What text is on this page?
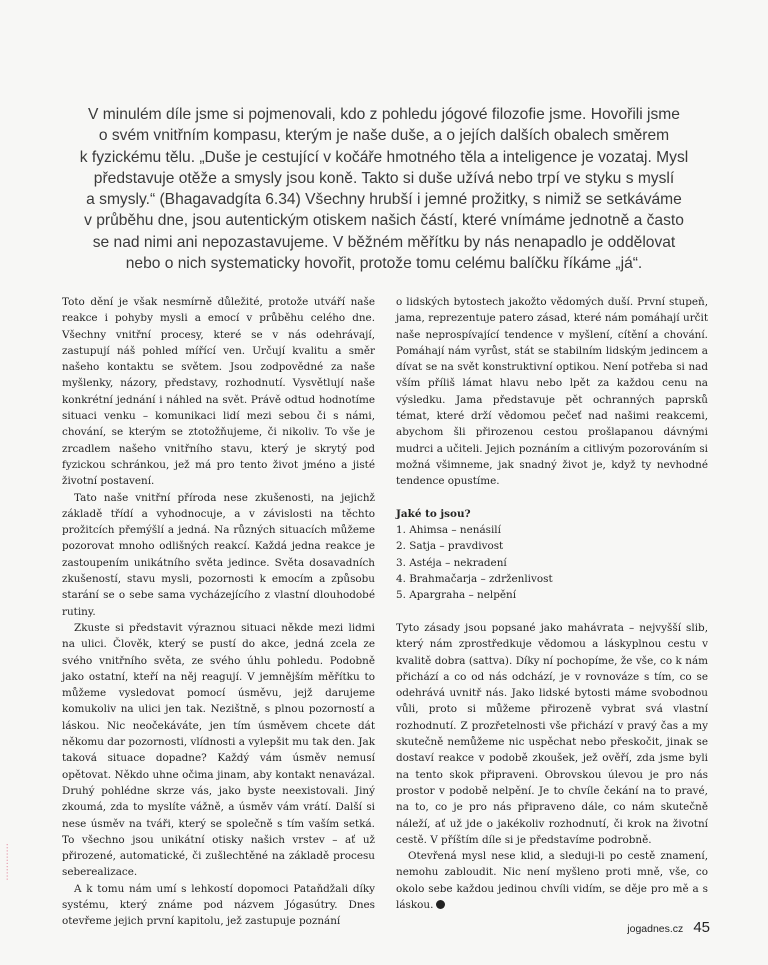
V minulém díle jsme si pojmenovali, kdo z pohledu jógové filozofie jsme. Hovořili jsme

o svém vnitřním kompasu, kterým je naše duše, a o jejích dalších obalech směrem

k fyzickému tělu. „Duše je cestující v kočáře hmotného těla a inteligence je vozataj. Mysl

představuje otěže a smysly jsou koně. Takto si duše užívá nebo trpí ve styku s myslí

a smysly.“ (Bhagavadgíta 6.34) Všechny hrubší i jemné prožitky, s nimiž se setkáváme

v průběhu dne, jsou autentickým otiskem našich částí, které vnímáme jednotně a často

se nad nimi ani nepozastavujeme. V běžném měřítku by nás nenapadlo je oddělovat

nebo o nich systematicky hovořit, protože tomu celému balíčku říkáme „já“.

Toto dění je však nesmírně důležité, protože utváří naše reakce i pohyby mysli a emocí v průběhu celého dne. Všechny vnitřní procesy, které se v nás odehrávají, zastupují náš pohled mířící ven. Určují kvalitu a směr našeho kontaktu se světem. Jsou zodpovědné za naše myšlenky, názory, představy, rozhodnutí. Vysvětlují naše konkrétní jednání i náhled na svět. Právě odtud hodnotíme situaci venku – komunikaci lidí mezi sebou či s námi, chování, se kterým se ztotožňujeme, či nikoliv. To vše je zrcadlem našeho vnitřního stavu, který je skrytý pod fyzickou schránkou, jež má pro tento život jméno a jisté životní postavení.

Tato naše vnitřní příroda nese zkušenosti, na jejichž základě třídí a vyhodnocuje, a v závislosti na těchto prožitcích přemýšlí a jedná. Na různých situacích můžeme pozorovat mnoho odlišných reakcí. Každá jedna reakce je zastoupením unikátního světa jedince. Světa dosavadních zkušeností, stavu mysli, pozornosti k emocím a způsobu starání se o sebe sama vycházejícího z vlastní dlouhodobé rutiny.

Zkuste si představit výraznou situaci někde mezi lidmi na ulici. Člověk, který se pustí do akce, jedná zcela ze svého vnitřního světa, ze svého úhlu pohledu. Podobně jako ostatní, kteří na něj reagují. V jemnějším měřítku to můžeme vysledovat pomocí úsměvu, jejž darujeme komukoliv na ulici jen tak. Nezištně, s plnou pozorností a láskou. Nic neočekáváte, jen tím úsměvem chcete dát někomu dar pozornosti, vlídnosti a vylepšit mu tak den. Jak taková situace dopadne? Každý vám úsměv nemusí opětovat. Někdo uhne očima jinam, aby kontakt nenavázal. Druhý pohlédne skrze vás, jako byste neexistovali. Jiný zkoumá, zda to myslíte vážně, a úsměv vám vrátí. Další si nese úsměv na tváři, který se společně s tím vaším setká. To všechno jsou unikátní otisky našich vrstev – ať už přirozené, automatické, či zušlechtěné na základě procesu seberealizace.

A k tomu nám umí s lehkostí dopomoci Pataňdžali díky systému, který známe pod názvem Jógasútry. Dnes otevřeme jejich první kapitolu, jež zastupuje poznání

o lidských bytostech jakožto vědomých duší. První stupeň, jama, reprezentuje patero zásad, které nám pomáhají určit naše neprospívající tendence v myšlení, cítění a chování. Pomáhají nám vyrůst, stát se stabilním lidským jedincem a dívat se na svět konstruktivní optikou. Není potřeba si nad vším příliš lámat hlavu nebo lpět za každou cenu na výsledku. Jama představuje pět ochranných paprsků témat, které drží vědomou pečeť nad našimi reakcemi, abychom šli přirozenou cestou prošlapanou dávnými mudrci a učiteli. Jejich poznáním a citlivým pozorováním si možná všimneme, jak snadný život je, když ty nevhodné tendence opustíme.

Jaké to jsou?
1. Ahimsa – nenásilí
2. Satja – pravdivost
3. Astéja – nekradení
4. Brahmačarja – zdrženlivost
5. Apargraha – nelpění

Tyto zásady jsou popsané jako mahávrata – nejvyšší slib, který nám zprostředkuje vědomou a láskyplnou cestu v kvalitě dobra (sattva). Díky ní pochopíme, že vše, co k nám přichází a co od nás odchází, je v rovnováze s tím, co se odehrává uvnitř nás. Jako lidské bytosti máme svobodnou vůli, proto si můžeme přirozeně vybrat svá vlastní rozhodnutí. Z prozřetelnosti vše přichází v pravý čas a my skutečně nemůžeme nic uspěchat nebo přeskočit, jinak se dostaví reakce v podobě zkoušek, jež ověří, zda jsme byli na tento skok připraveni. Obrovskou úlevou je pro nás prostor v podobě nelpění. Je to chvíle čekání na to pravé, na to, co je pro nás připraveno dále, co nám skutečně náleží, ať už jde o jakékoliv rozhodnutí, či krok na životní cestě. V příštím díle si je představíme podrobně.

Otevřená mysl nese klid, a sleduji-li po cestě znamení, nemohu zabloudit. Nic není myšleno proti mně, vše, co okolo sebe každou jedinou chvíli vidím, se děje pro mě a s láskou.

• • • • • • • • • • • •
jogadnes.cz 45
